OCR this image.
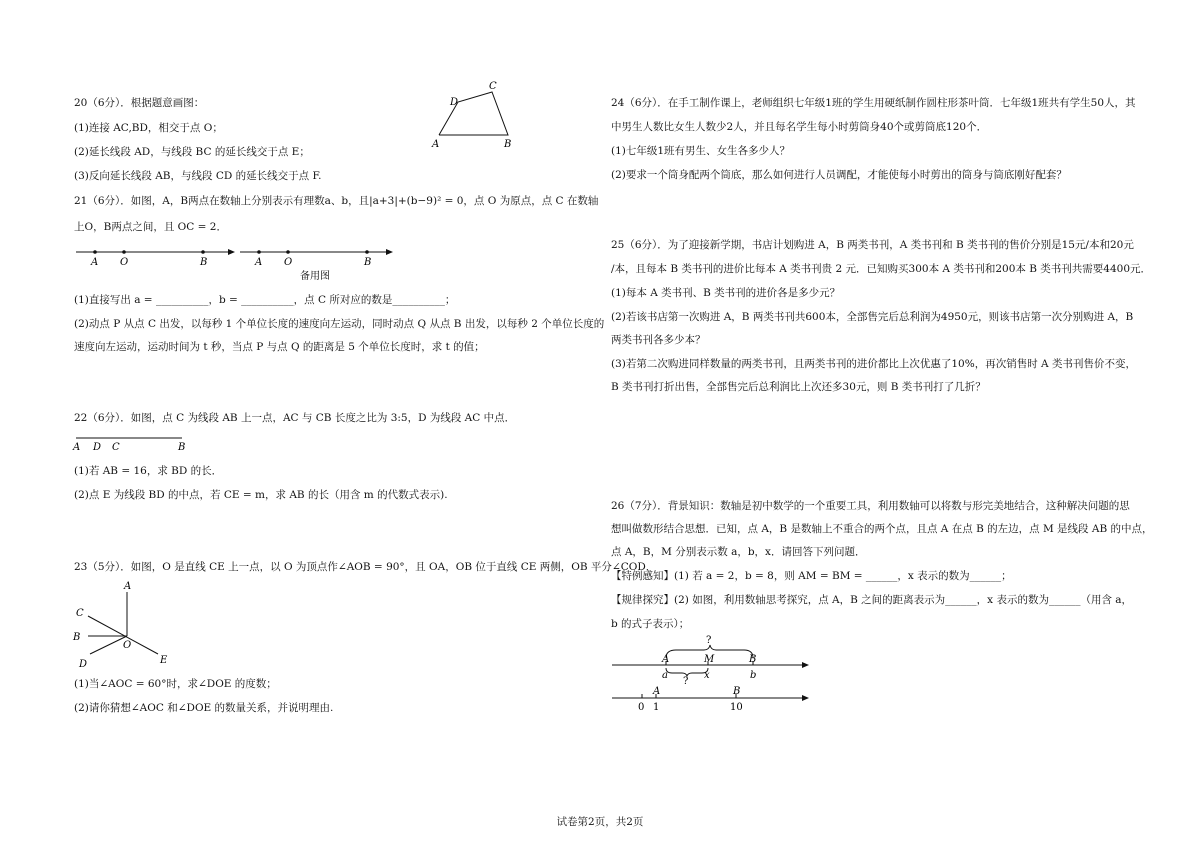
20（6分）．根据题意画图：
(1)连接 AC,BD，相交于点 O；
(2)延长线段 AD，与线段 BC 的延长线交于点 E；
(3)反向延长线段 AB，与线段 CD 的延长线交于点 F.
A	B
C
D
21（6分）．如图，A，B两点在数轴上分别表示有理数a、b，且|a+3|+(b−9)² = 0，点 O 为原点，点 C 在数轴
上O，B两点之间，且 OC = 2．
A O	B	A O	B
备用图
(1)直接写出 a = __________，b = __________，点 C 所对应的数是__________；
(2)动点 P 从点 C 出发，以每秒 1 个单位长度的速度向左运动，同时动点 Q 从点 B 出发，以每秒 2 个单位长度的
速度向左运动，运动时间为 t 秒，当点 P 与点 Q 的距离是 5 个单位长度时，求 t 的值；
22（6分）．如图，点 C 为线段 AB 上一点，AC 与 CB 长度之比为 3:5，D 为线段 AC 中点．
A D C	B
(1)若 AB = 16，求 BD 的长．
(2)点 E 为线段 BD 的中点，若 CE = m，求 AB 的长（用含 m 的代数式表示).
23（5分）．如图，O 是直线 CE 上一点，以 O 为顶点作∠AOB = 90°，且 OA，OB 位于直线 CE 两侧，OB 平分∠COD．
A
C
B
O
D	E
(1)当∠AOC = 60°时，求∠DOE 的度数；
(2)请你猜想∠AOC 和∠DOE 的数量关系，并说明理由.
24（6分）．在手工制作课上，老师组织七年级1班的学生用硬纸制作圆柱形茶叶筒．七年级1班共有学生50人，其
中男生人数比女生人数少2人，并且每名学生每小时剪筒身40个或剪筒底120个．
(1)七年级1班有男生、女生各多少人？
(2)要求一个筒身配两个筒底，那么如何进行人员调配，才能使每小时剪出的筒身与筒底刚好配套？
25（6分）．为了迎接新学期，书店计划购进 A，B 两类书刊，A 类书刊和 B 类书刊的售价分别是15元/本和20元
/本，且每本 B 类书刊的进价比每本 A 类书刊贵 2 元．已知购买300本 A 类书刊和200本 B 类书刊共需要4400元．
(1)每本 A 类书刊、B 类书刊的进价各是多少元？
(2)若该书店第一次购进 A，B 两类书刊共600本，全部售完后总利润为4950元，则该书店第一次分别购进 A，B
两类书刊各多少本？
(3)若第二次购进同样数量的两类书刊，且两类书刊的进价都比上次优惠了10%，再次销售时 A 类书刊售价不变，
B 类书刊打折出售，全部售完后总利润比上次还多30元，则 B 类书刊打了几折？
26（7分）．背景知识：数轴是初中数学的一个重要工具，利用数轴可以将数与形完美地结合，这种解决问题的思
想叫做数形结合思想．已知，点 A，B 是数轴上不重合的两个点，且点 A 在点 B 的左边，点 M 是线段 AB 的中点，
点 A，B，M 分别表示数 a，b，x．请回答下列问题．
【特例感知】(1) 若 a = 2，b = 8，则 AM = BM = ______，x 表示的数为______；
【规律探究】(2) 如图，利用数轴思考探究，点 A，B 之间的距离表示为______，x 表示的数为______（用含 a，
b 的式子表示）；
?
A	M	B
a
?
x	b
A	B
0 1	10
试卷第2页，共2页
